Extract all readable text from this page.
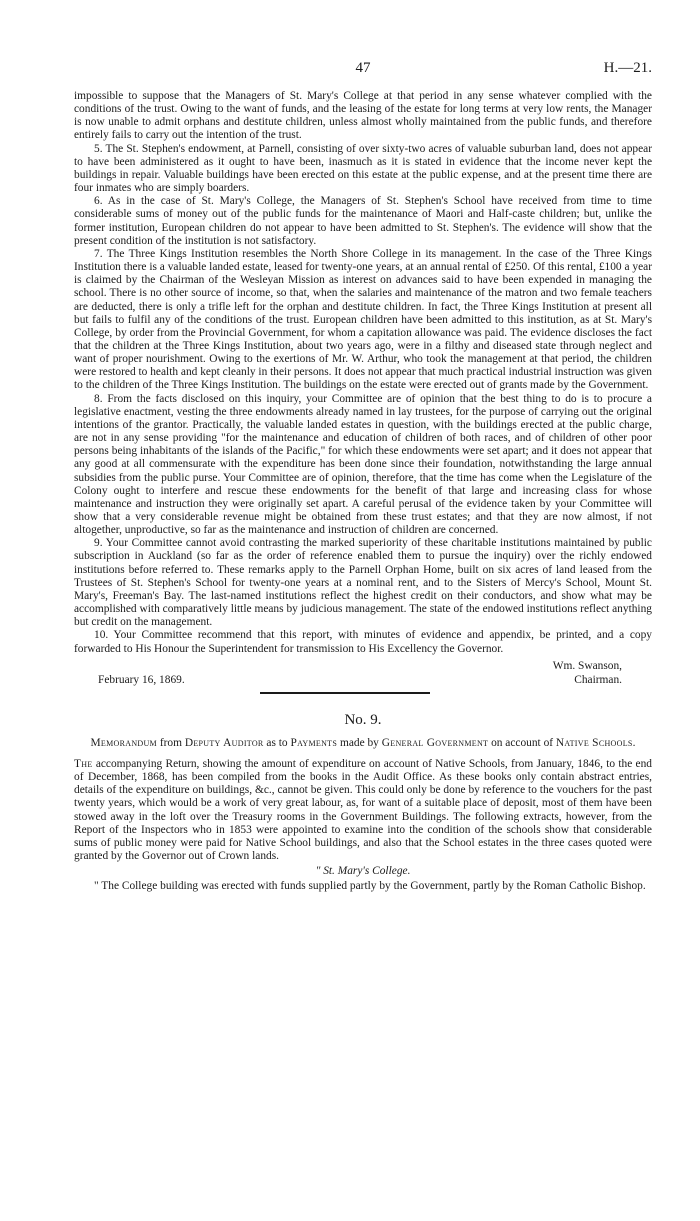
47	H.—21.

impossible to suppose that the Managers of St. Mary's College at that period in any sense whatever complied with the conditions of the trust. Owing to the want of funds, and the leasing of the estate for long terms at very low rents, the Manager is now unable to admit orphans and destitute children, unless almost wholly maintained from the public funds, and therefore entirely fails to carry out the intention of the trust.

5. The St. Stephen's endowment, at Parnell, consisting of over sixty-two acres of valuable suburban land, does not appear to have been administered as it ought to have been, inasmuch as it is stated in evidence that the income never kept the buildings in repair. Valuable buildings have been erected on this estate at the public expense, and at the present time there are four inmates who are simply boarders.

6. As in the case of St. Mary's College, the Managers of St. Stephen's School have received from time to time considerable sums of money out of the public funds for the maintenance of Maori and Half-caste children; but, unlike the former institution, European children do not appear to have been admitted to St. Stephen's. The evidence will show that the present condition of the institution is not satisfactory.

7. The Three Kings Institution resembles the North Shore College in its management. In the case of the Three Kings Institution there is a valuable landed estate, leased for twenty-one years, at an annual rental of £250. Of this rental, £100 a year is claimed by the Chairman of the Wesleyan Mission as interest on advances said to have been expended in managing the school. There is no other source of income, so that, when the salaries and maintenance of the matron and two female teachers are deducted, there is only a trifle left for the orphan and destitute children. In fact, the Three Kings Institution at present all but fails to fulfil any of the conditions of the trust. European children have been admitted to this institution, as at St. Mary's College, by order from the Provincial Government, for whom a capitation allowance was paid. The evidence discloses the fact that the children at the Three Kings Institution, about two years ago, were in a filthy and diseased state through neglect and want of proper nourishment. Owing to the exertions of Mr. W. Arthur, who took the management at that period, the children were restored to health and kept cleanly in their persons. It does not appear that much practical industrial instruction was given to the children of the Three Kings Institution. The buildings on the estate were erected out of grants made by the Government.

8. From the facts disclosed on this inquiry, your Committee are of opinion that the best thing to do is to procure a legislative enactment, vesting the three endowments already named in lay trustees, for the purpose of carrying out the original intentions of the grantor. Practically, the valuable landed estates in question, with the buildings erected at the public charge, are not in any sense providing "for the maintenance and education of children of both races, and of children of other poor persons being inhabitants of the islands of the Pacific," for which these endowments were set apart; and it does not appear that any good at all commensurate with the expenditure has been done since their foundation, notwithstanding the large annual subsidies from the public purse. Your Committee are of opinion, therefore, that the time has come when the Legislature of the Colony ought to interfere and rescue these endowments for the benefit of that large and increasing class for whose maintenance and instruction they were originally set apart. A careful perusal of the evidence taken by your Committee will show that a very considerable revenue might be obtained from these trust estates; and that they are now almost, if not altogether, unproductive, so far as the maintenance and instruction of children are concerned.

9. Your Committee cannot avoid contrasting the marked superiority of these charitable institutions maintained by public subscription in Auckland (so far as the order of reference enabled them to pursue the inquiry) over the richly endowed institutions before referred to. These remarks apply to the Parnell Orphan Home, built on six acres of land leased from the Trustees of St. Stephen's School for twenty-one years at a nominal rent, and to the Sisters of Mercy's School, Mount St. Mary's, Freeman's Bay. The last-named institutions reflect the highest credit on their conductors, and show what may be accomplished with comparatively little means by judicious management. The state of the endowed institutions reflect anything but credit on the management.

10. Your Committee recommend that this report, with minutes of evidence and appendix, be printed, and a copy forwarded to His Honour the Superintendent for transmission to His Excellency the Governor.

Wm. Swanson,
Chairman.
February 16, 1869.
No. 9.
Memorandum from Deputy Auditor as to Payments made by General Government on account of Native Schools.

The accompanying Return, showing the amount of expenditure on account of Native Schools, from January, 1846, to the end of December, 1868, has been compiled from the books in the Audit Office. As these books only contain abstract entries, details of the expenditure on buildings, &c., cannot be given. This could only be done by reference to the vouchers for the past twenty years, which would be a work of very great labour, as, for want of a suitable place of deposit, most of them have been stowed away in the loft over the Treasury rooms in the Government Buildings. The following extracts, however, from the Report of the Inspectors who in 1853 were appointed to examine into the condition of the schools show that considerable sums of public money were paid for Native School buildings, and also that the School estates in the three cases quoted were granted by the Governor out of Crown lands.

" St. Mary's College.

" The College building was erected with funds supplied partly by the Government, partly by the Roman Catholic Bishop.
